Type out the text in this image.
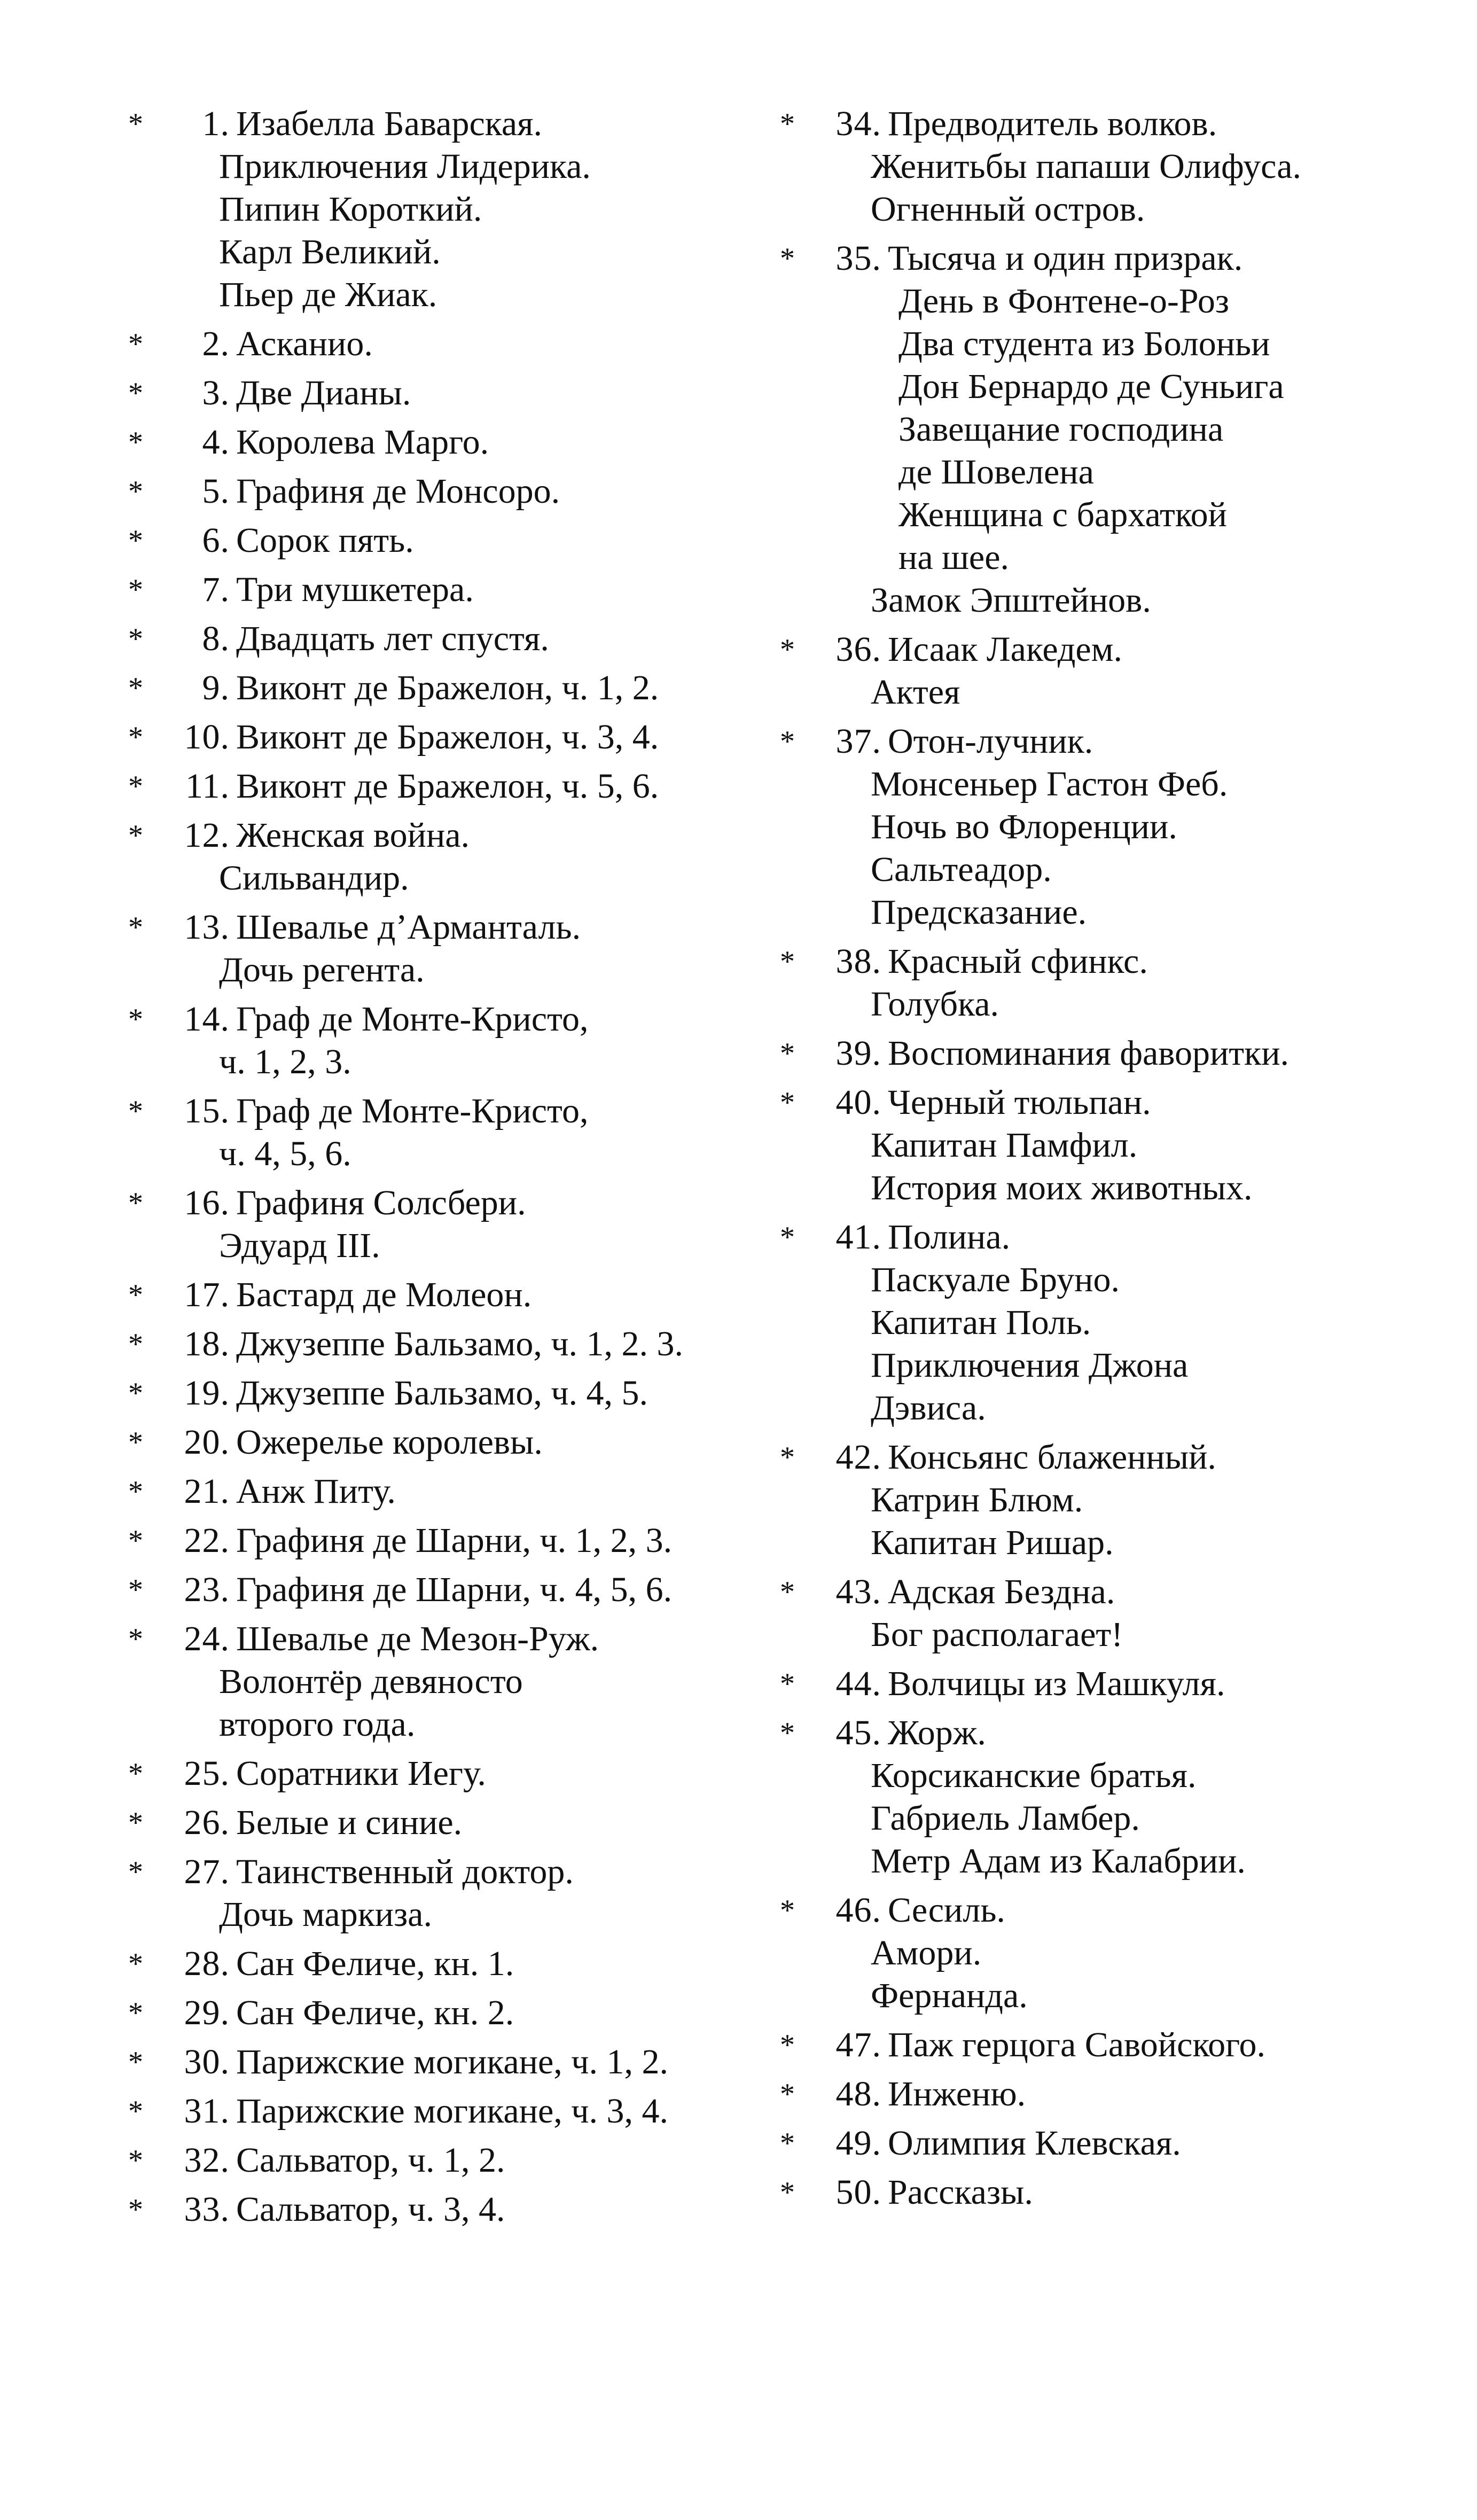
*	1. Изабелла Баварская.
Приключения Лидерика.
Пипин Короткий.
Карл Великий.
Пьер де Жиак.
*	2. Асканио.
*	3. Две Дианы.
*	4. Королева Марго.
*	5. Графиня де Монсоро.
*	6. Сорок пять.
*	7. Три мушкетера.
*	8. Двадцать лет спустя.
*	9. Виконт де Бражелон, ч. 1, 2.
*	10. Виконт де Бражелон, ч. 3, 4.
*	11. Виконт де Бражелон, ч. 5, 6.
*	12. Женская война.
Сильвандир.
*	13. Шевалье д’Арманталь.
Дочь регента.
*	14. Граф де Монте-Кристо,
ч. 1, 2, 3.
*	15. Граф де Монте-Кристо,
ч. 4, 5, 6.
*	16. Графиня Солсбери.
Эдуард III.
*	17. Бастард де Молеон.
*	18. Джузеппе Бальзамо, ч. 1, 2. 3.
*	19. Джузеппе Бальзамо, ч. 4, 5.
*	20. Ожерелье королевы.
*	21. Анж Питу.
*	22. Графиня де Шарни, ч. 1, 2, 3.
*	23. Графиня де Шарни, ч. 4, 5, 6.
*	24. Шевалье де Мезон-Руж.
Волонтёр девяносто
второго года.
*	25. Соратники Иегу.
*	26. Белые и синие.
*	27. Таинственный доктор.
Дочь маркиза.
*	28. Сан Феличе, кн. 1.
*	29. Сан Феличе, кн. 2.
*	30. Парижские могикане, ч. 1, 2.
*	31. Парижские могикане, ч. 3, 4.
*	32. Сальватор, ч. 1, 2.
*	33. Сальватор, ч. 3, 4.
*	34. Предводитель волков.
Женитьбы папаши Олифуса.
Огненный остров.
*	35. Тысяча и один призрак.
День в Фонтене-о-Роз
Два студента из Болоньи
Дон Бернардо де Суньига
Завещание господина
де Шовелена
Женщина с бархаткой
на шее.
Замок Эпштейнов.
*	36. Исаак Лакедем.
Актея
*	37. Отон-лучник.
Монсеньер Гастон Феб.
Ночь во Флоренции.
Сальтеадор.
Предсказание.
*	38. Красный сфинкс.
Голубка.
*	39. Воспоминания фаворитки.
*	40. Черный тюльпан.
Капитан Памфил.
История моих животных.
*	41. Полина.
Паскуале Бруно.
Капитан Поль.
Приключения Джона
Дэвиса.
*	42. Консьянс блаженный.
Катрин Блюм.
Капитан Ришар.
*	43. Адская Бездна.
Бог располагает!
*	44. Волчицы из Машкуля.
*	45. Жорж.
Корсиканские братья.
Габриель Ламбер.
Метр Адам из Калабрии.
*	46. Сесиль.
Амори.
Фернанда.
*	47. Паж герцога Савойского.
*	48. Инженю.
*	49. Олимпия Клевская.
*	50. Рассказы.
